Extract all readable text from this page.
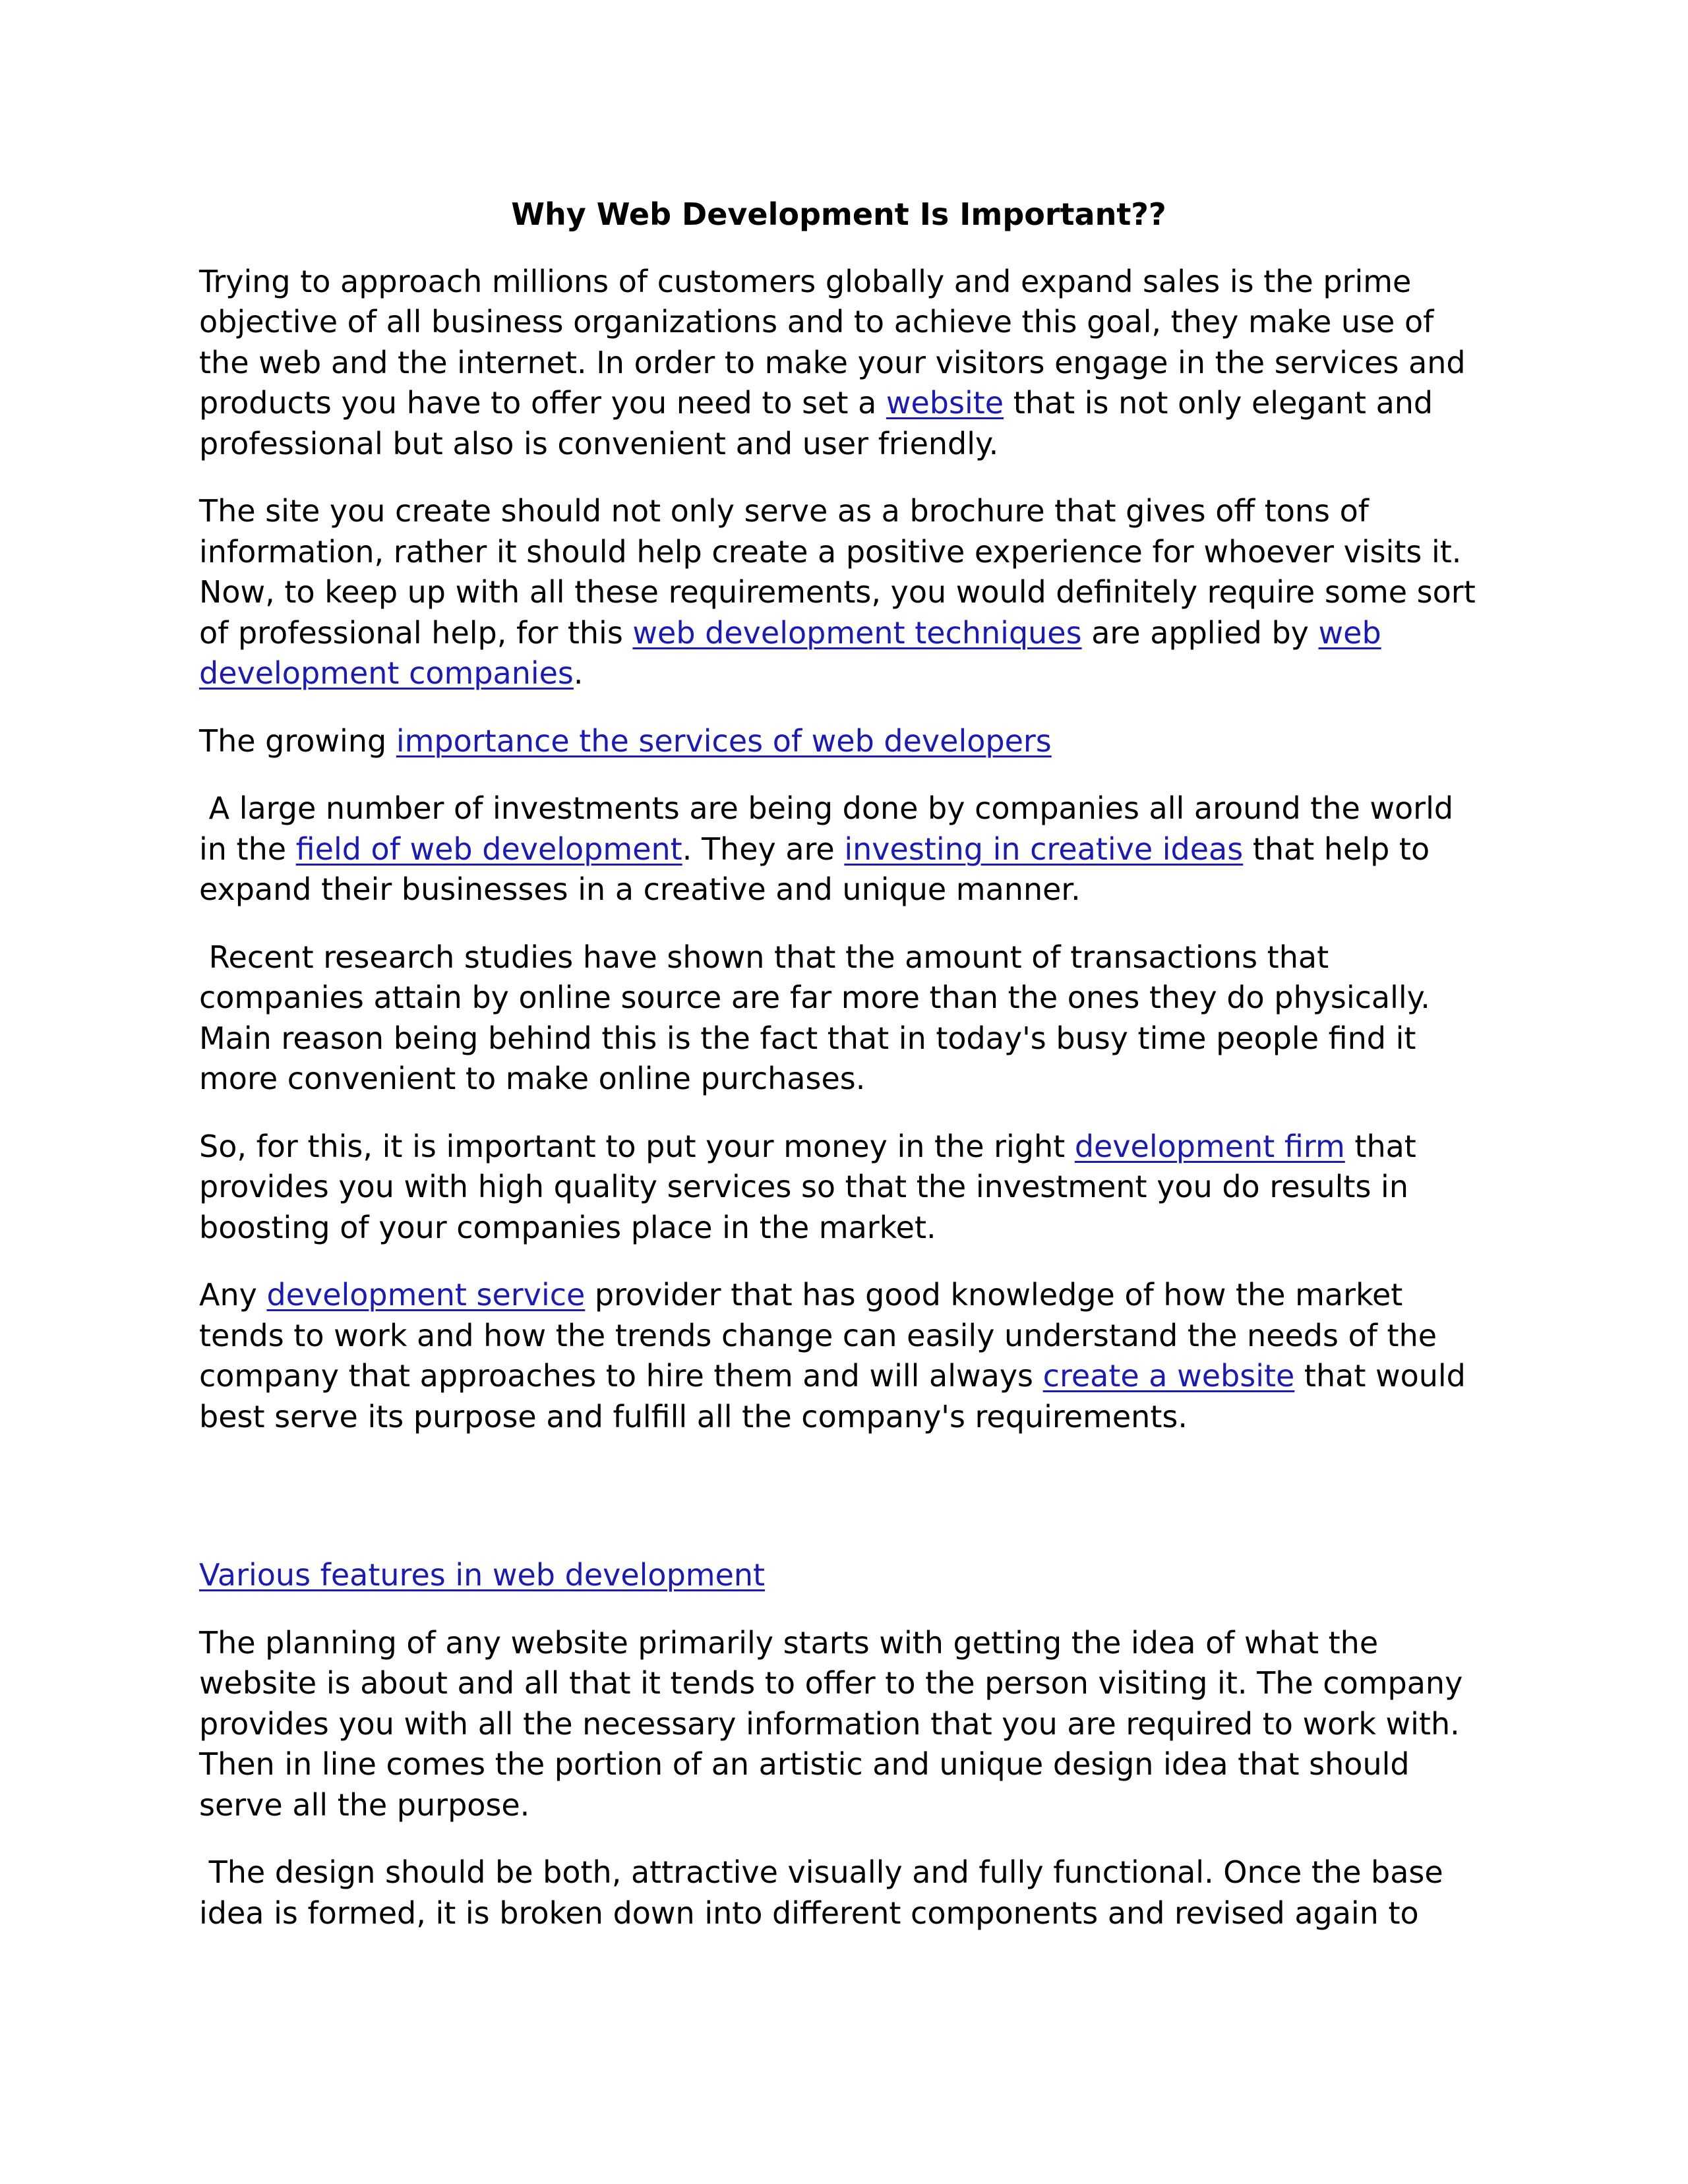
Why Web Development Is Important??

Trying to approach millions of customers globally and expand sales is the prime objective of all business organizations and to achieve this goal, they make use of the web and the internet. In order to make your visitors engage in the services and products you have to offer you need to set a website that is not only elegant and professional but also is convenient and user friendly.

The site you create should not only serve as a brochure that gives off tons of information, rather it should help create a positive experience for whoever visits it. Now, to keep up with all these requirements, you would definitely require some sort of professional help, for this web development techniques are applied by web development companies.

The growing importance the services of web developers

A large number of investments are being done by companies all around the world in the field of web development. They are investing in creative ideas that help to expand their businesses in a creative and unique manner.

Recent research studies have shown that the amount of transactions that companies attain by online source are far more than the ones they do physically. Main reason being behind this is the fact that in today's busy time people find it more convenient to make online purchases.

So, for this, it is important to put your money in the right development firm that provides you with high quality services so that the investment you do results in boosting of your companies place in the market.

Any development service provider that has good knowledge of how the market tends to work and how the trends change can easily understand the needs of the company that approaches to hire them and will always create a website that would best serve its purpose and fulfill all the company's requirements.

Various features in web development

The planning of any website primarily starts with getting the idea of what the website is about and all that it tends to offer to the person visiting it. The company provides you with all the necessary information that you are required to work with. Then in line comes the portion of an artistic and unique design idea that should serve all the purpose.

The design should be both, attractive visually and fully functional. Once the base idea is formed, it is broken down into different components and revised again to
